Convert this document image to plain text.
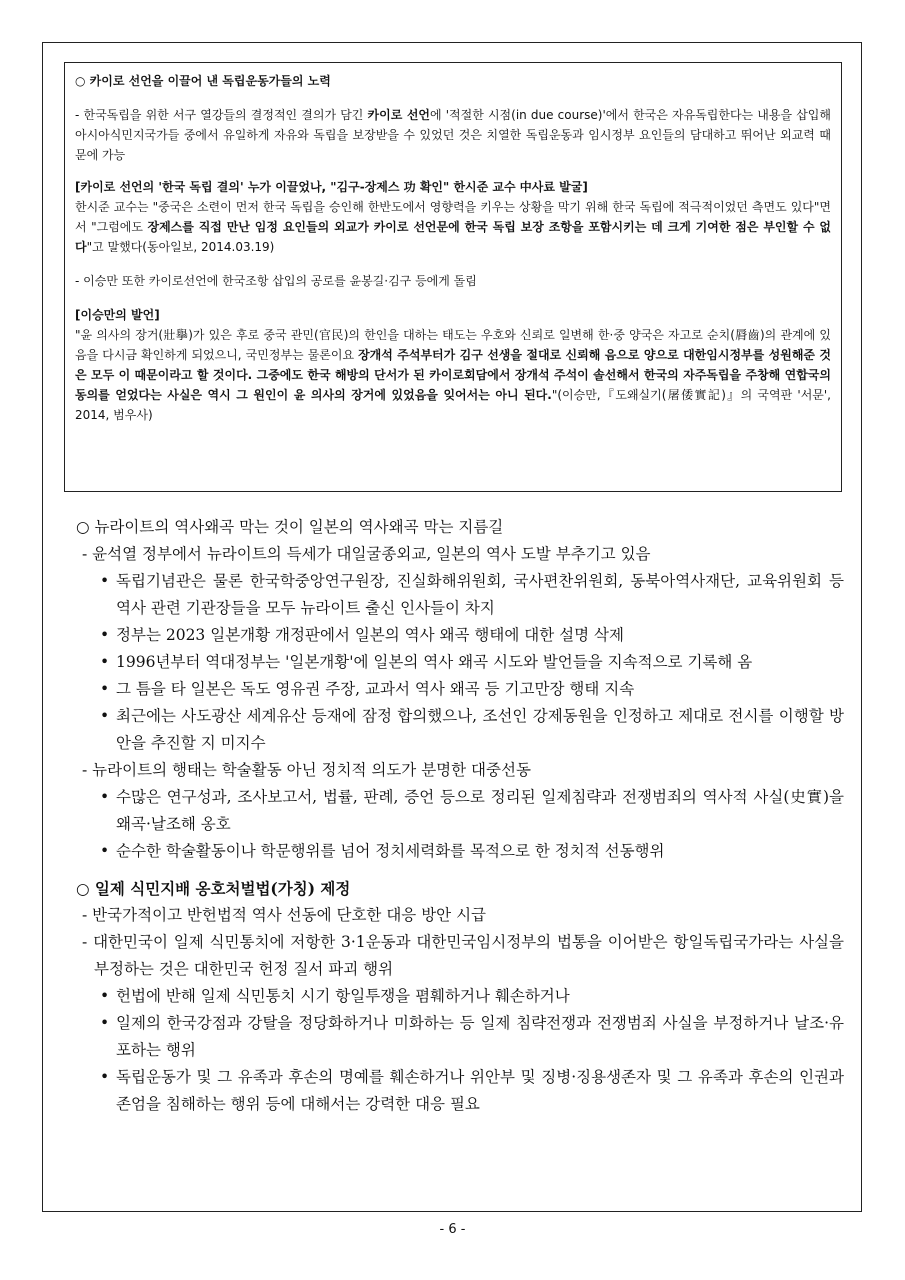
○ 카이로 선언을 이끌어 낸 독립운동가들의 노력

- 한국독립을 위한 서구 열강들의 결정적인 결의가 담긴 카이로 선언에 '적절한 시점(in due course)'에서 한국은 자유독립한다는 내용을 삽입해 아시아식민지국가들 중에서 유일하게 자유와 독립을 보장받을 수 있었던 것은 치열한 독립운동과 임시정부 요인들의 담대하고 뛰어난 외교력 때문에 가능

[카이로 선언의 '한국 독립 결의' 누가 이끌었나, "김구-장제스 功 확인" 한시준 교수 中사료 발굴]

한시준 교수는 "중국은 소련이 먼저 한국 독립을 승인해 한반도에서 영향력을 키우는 상황을 막기 위해 한국 독립에 적극적이었던 측면도 있다"면서 "그럼에도 장제스를 직접 만난 임정 요인들의 외교가 카이로 선언문에 한국 독립 보장 조항을 포함시키는 데 크게 기여한 점은 부인할 수 없다"고 말했다(동아일보, 2014.03.19)

- 이승만 또한 카이로선언에 한국조항 삽입의 공로를 윤봉길·김구 등에게 돌림

[이승만의 발언]

"윤 의사의 장거(壯擧)가 있은 후로 중국 관민(官民)의 한인을 대하는 태도는 우호와 신뢰로 일변해 한·중 양국은 자고로 순치(脣齒)의 관계에 있음을 다시금 확인하게 되었으니, 국민정부는 물론이요 장개석 주석부터가 김구 선생을 절대로 신뢰해 음으로 양으로 대한임시정부를 성원해준 것은 모두 이 때문이라고 할 것이다. 그중에도 한국 해방의 단서가 된 카이로회담에서 장개석 주석이 솔선해서 한국의 자주독립을 주창해 연합국의 동의를 얻었다는 사실은 역시 그 원인이 윤 의사의 장거에 있었음을 잊어서는 아니 된다."(이승만,『도왜실기(屠倭實記)』의 국역판 '서문', 2014, 범우사)

○ 뉴라이트의 역사왜곡 막는 것이 일본의 역사왜곡 막는 지름길

- 윤석열 정부에서 뉴라이트의 득세가 대일굴종외교, 일본의 역사 도발 부추기고 있음

• 독립기념관은 물론 한국학중앙연구원장, 진실화해위원회, 국사편찬위원회, 동북아역사재단, 교육위원회 등 역사 관련 기관장들을 모두 뉴라이트 출신 인사들이 차지

• 정부는 2023 일본개황 개정판에서 일본의 역사 왜곡 행태에 대한 설명 삭제

• 1996년부터 역대정부는 '일본개황'에 일본의 역사 왜곡 시도와 발언들을 지속적으로 기록해 옴

• 그 틈을 타 일본은 독도 영유권 주장, 교과서 역사 왜곡 등 기고만장 행태 지속

• 최근에는 사도광산 세계유산 등재에 잠정 합의했으나, 조선인 강제동원을 인정하고 제대로 전시를 이행할 방안을 추진할 지 미지수

- 뉴라이트의 행태는 학술활동 아닌 정치적 의도가 분명한 대중선동

• 수많은 연구성과, 조사보고서, 법률, 판례, 증언 등으로 정리된 일제침략과 전쟁범죄의 역사적 사실(史實)을 왜곡·날조해 옹호

• 순수한 학술활동이나 학문행위를 넘어 정치세력화를 목적으로 한 정치적 선동행위

○ 일제 식민지배 옹호처벌법(가칭) 제정

- 반국가적이고 반헌법적 역사 선동에 단호한 대응 방안 시급

- 대한민국이 일제 식민통치에 저항한 3·1운동과 대한민국임시정부의 법통을 이어받은 항일독립국가라는 사실을 부정하는 것은 대한민국 헌정 질서 파괴 행위

• 헌법에 반해 일제 식민통치 시기 항일투쟁을 폄훼하거나 훼손하거나

• 일제의 한국강점과 강탈을 정당화하거나 미화하는 등 일제 침략전쟁과 전쟁범죄 사실을 부정하거나 날조·유포하는 행위

• 독립운동가 및 그 유족과 후손의 명예를 훼손하거나 위안부 및 징병·징용생존자 및 그 유족과 후손의 인권과 존엄을 침해하는 행위 등에 대해서는 강력한 대응 필요

- 6 -
